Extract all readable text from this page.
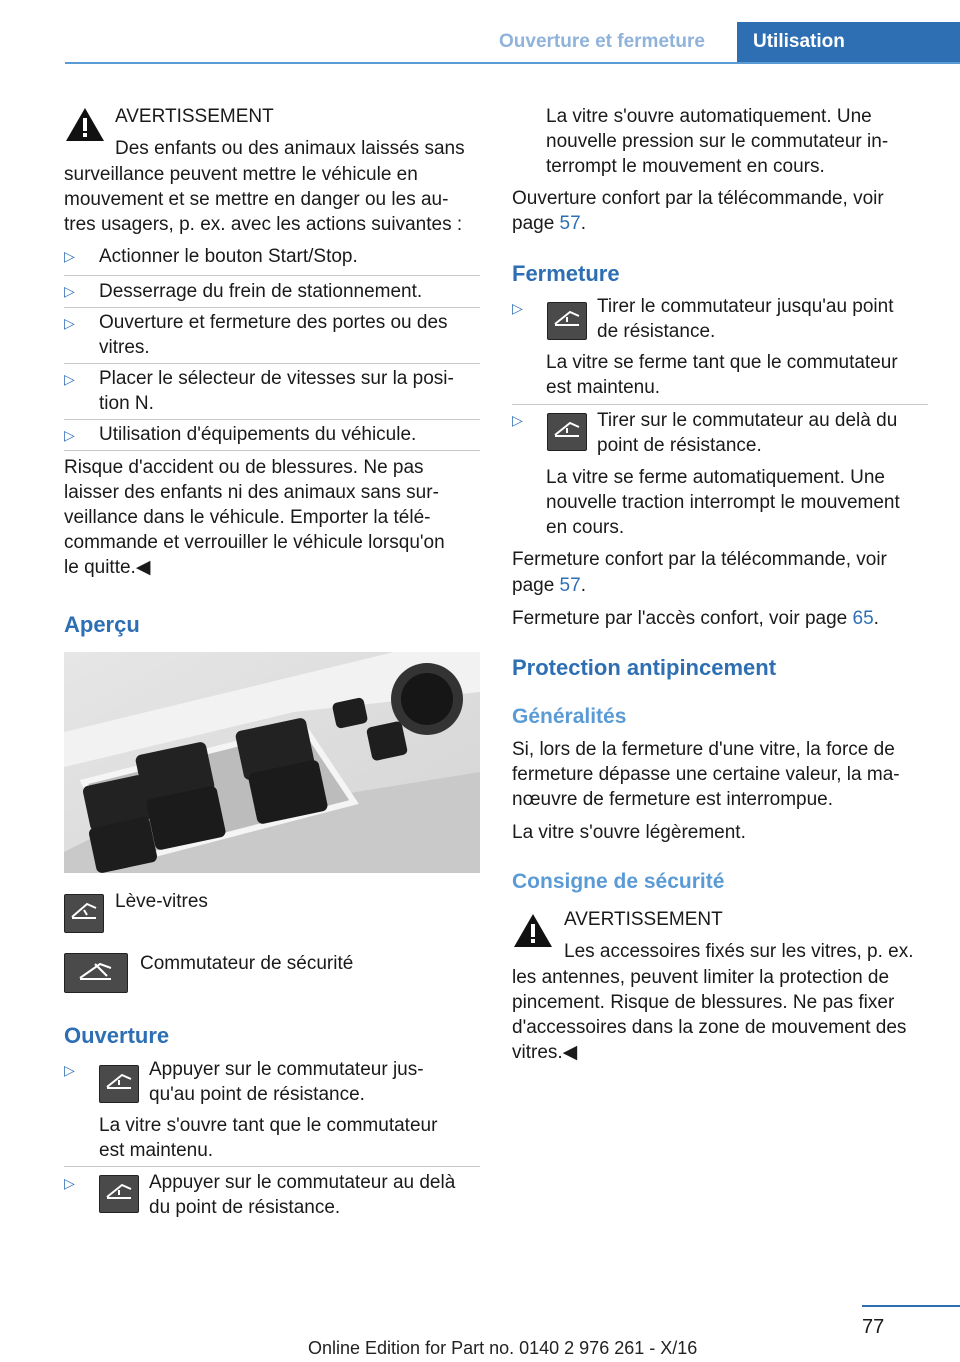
Ouverture et fermeture	Utilisation
AVERTISSEMENT
Des enfants ou des animaux laissés sans
surveillance peuvent mettre le véhicule en
mouvement et se mettre en danger ou les au‐
tres usagers, p. ex. avec les actions suivantes :
▷ Actionner le bouton Start/Stop.
▷ Desserrage du frein de stationnement.
▷ Ouverture et fermeture des portes ou des
vitres.
▷ Placer le sélecteur de vitesses sur la posi‐
tion N.
▷ Utilisation d'équipements du véhicule.
Risque d'accident ou de blessures. Ne pas
laisser des enfants ni des animaux sans sur‐
veillance dans le véhicule. Emporter la télé‐
commande et verrouiller le véhicule lorsqu'on
le quitte.◀
Aperçu
Lève-vitres
Commutateur de sécurité
Ouverture
▷	Appuyer sur le commutateur jus‐
qu'au point de résistance.
La vitre s'ouvre tant que le commutateur
est maintenu.
▷	Appuyer sur le commutateur au delà
du point de résistance.
La vitre s'ouvre automatiquement. Une
nouvelle pression sur le commutateur in‐
terrompt le mouvement en cours.
Ouverture confort par la télécommande, voir
page 57.
Fermeture
▷	Tirer le commutateur jusqu'au point
de résistance.
La vitre se ferme tant que le commutateur
est maintenu.
▷	Tirer sur le commutateur au delà du
point de résistance.
La vitre se ferme automatiquement. Une
nouvelle traction interrompt le mouvement
en cours.
Fermeture confort par la télécommande, voir
page 57.
Fermeture par l'accès confort, voir page 65.
Protection antipincement
Généralités
Si, lors de la fermeture d'une vitre, la force de
fermeture dépasse une certaine valeur, la ma‐
nœuvre de fermeture est interrompue.
La vitre s'ouvre légèrement.
Consigne de sécurité
AVERTISSEMENT
Les accessoires fixés sur les vitres, p. ex.
les antennes, peuvent limiter la protection de
pincement. Risque de blessures. Ne pas fixer
d'accessoires dans la zone de mouvement des
vitres.◀
77
Online Edition for Part no. 0140 2 976 261 - X/16
Seite 77
